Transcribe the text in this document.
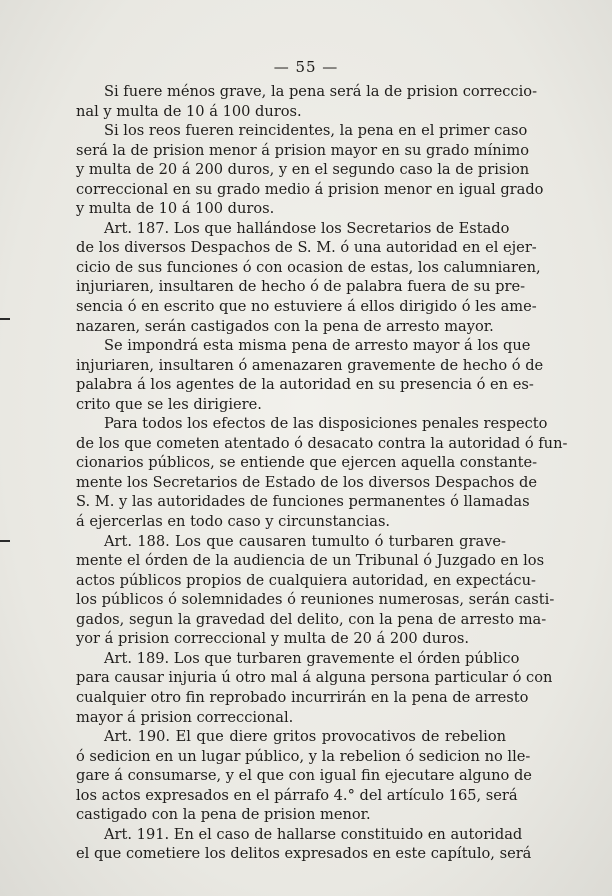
— 55 —
Si fuere ménos grave, la pena será la de prision correccio-
nal y multa de 10 á 100 duros.
Si los reos fueren reincidentes, la pena en el primer caso
será la de prision menor á prision mayor en su grado mínimo
y multa de 20 á 200 duros, y en el segundo caso la de prision
correccional en su grado medio á prision menor en igual grado
y multa de 10 á 100 duros.
Art. 187. Los que hallándose los Secretarios de Estado
de los diversos Despachos de S. M. ó una autoridad en el ejer-
cicio de sus funciones ó con ocasion de estas, los calumniaren,
injuriaren, insultaren de hecho ó de palabra fuera de su pre-
sencia ó en escrito que no estuviere á ellos dirigido ó les ame-
nazaren, serán castigados con la pena de arresto mayor.
Se impondrá esta misma pena de arresto mayor á los que
injuriaren, insultaren ó amenazaren gravemente de hecho ó de
palabra á los agentes de la autoridad en su presencia ó en es-
crito que se les dirigiere.
Para todos los efectos de las disposiciones penales respecto
de los que cometen atentado ó desacato contra la autoridad ó fun-
cionarios públicos, se entiende que ejercen aquella constante-
mente los Secretarios de Estado de los diversos Despachos de
S. M. y las autoridades de funciones permanentes ó llamadas
á ejercerlas en todo caso y circunstancias.
Art. 188. Los que causaren tumulto ó turbaren grave-
mente el órden de la audiencia de un Tribunal ó Juzgado en los
actos públicos propios de cualquiera autoridad, en expectácu-
los públicos ó solemnidades ó reuniones numerosas, serán casti-
gados, segun la gravedad del delito, con la pena de arresto ma-
yor á prision correccional y multa de 20 á 200 duros.
Art. 189. Los que turbaren gravemente el órden público
para causar injuria ú otro mal á alguna persona particular ó con
cualquier otro fin reprobado incurrirán en la pena de arresto
mayor á prision correccional.
Art. 190. El que diere gritos provocativos de rebelion
ó sedicion en un lugar público, y la rebelion ó sedicion no lle-
gare á consumarse, y el que con igual fin ejecutare alguno de
los actos expresados en el párrafo 4.° del artículo 165, será
castigado con la pena de prision menor.
Art. 191. En el caso de hallarse constituido en autoridad
el que cometiere los delitos expresados en este capítulo, será
